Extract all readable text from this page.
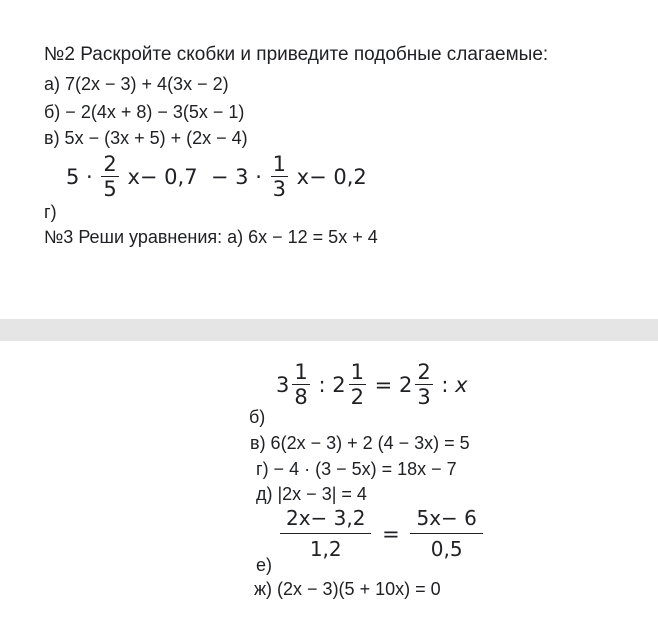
№2 Раскройте скобки и приведите подобные слагаемые:
а) 7(2x − 3) + 4(3x − 2)
б) − 2(4x + 8) − 3(5x − 1)
в) 5x − (3x + 5) + (2x − 4)
$5 \cdot \frac{2}{5} x- 0,7 - 3 \cdot \frac{1}{3} x- 0,2$
г)
№3 Реши уравнения: а) 6x − 12 = 5x + 4
$3 \frac{1}{8}$ : $2 \frac{1}{2} = 2 \frac{2}{3}$ : x
б)
в) 6(2x − 3) + 2 (4 − 3x) = 5
г) − 4 · (3 − 5x) = 18x − 7
д) |2x − 3| = 4
$\frac{2x- 3,2}{1,2} = \frac{5x- 6}{0,5}$
е)
ж) (2x − 3)(5 + 10x) = 0
